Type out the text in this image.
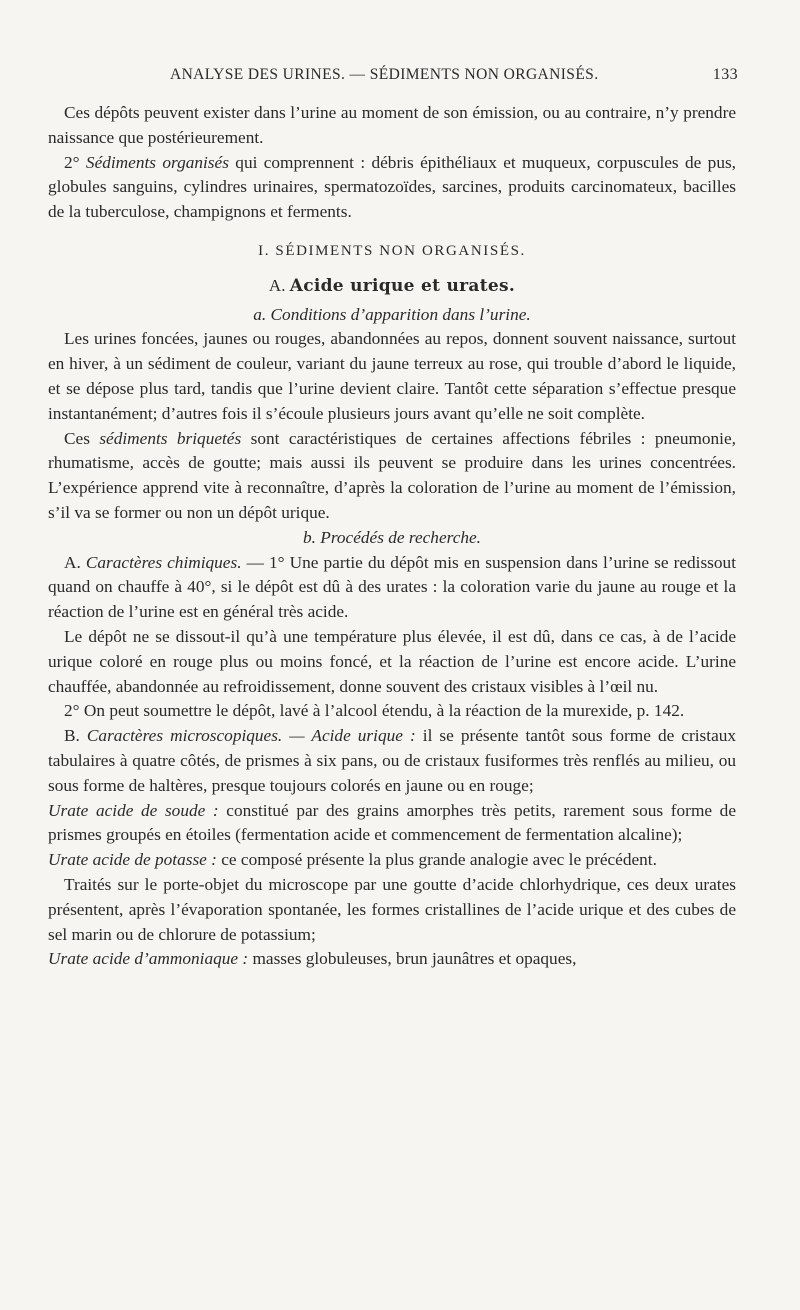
ANALYSE DES URINES. — SÉDIMENTS NON ORGANISÉS.	133

Ces dépôts peuvent exister dans l’urine au moment de son émission, ou au contraire, n’y prendre naissance que postérieurement.

2° Sédiments organisés qui comprennent : débris épithéliaux et muqueux, corpuscules de pus, globules sanguins, cylindres urinaires, spermatozoïdes, sarcines, produits carcinomateux, bacilles de la tuberculose, champignons et ferments.

I. SÉDIMENTS NON ORGANISÉS.

A. Acide urique et urates.

a. Conditions d’apparition dans l’urine.

Les urines foncées, jaunes ou rouges, abandonnées au repos, donnent souvent naissance, surtout en hiver, à un sédiment de couleur, variant du jaune terreux au rose, qui trouble d’abord le liquide, et se dépose plus tard, tandis que l’urine devient claire. Tantôt cette séparation s’effectue presque instantanément; d’autres fois il s’écoule plusieurs jours avant qu’elle ne soit complète.

Ces sédiments briquetés sont caractéristiques de certaines affections fébriles : pneumonie, rhumatisme, accès de goutte; mais aussi ils peuvent se produire dans les urines concentrées. L’expérience apprend vite à reconnaître, d’après la coloration de l’urine au moment de l’émission, s’il va se former ou non un dépôt urique.

b. Procédés de recherche.

A. Caractères chimiques. — 1° Une partie du dépôt mis en suspension dans l’urine se redissout quand on chauffe à 40°, si le dépôt est dû à des urates : la coloration varie du jaune au rouge et la réaction de l’urine est en général très acide.

Le dépôt ne se dissout-il qu’à une température plus élevée, il est dû, dans ce cas, à de l’acide urique coloré en rouge plus ou moins foncé, et la réaction de l’urine est encore acide. L’urine chauffée, abandonnée au refroidissement, donne souvent des cristaux visibles à l’œil nu.

2° On peut soumettre le dépôt, lavé à l’alcool étendu, à la réaction de la murexide, p. 142.

B. Caractères microscopiques. — Acide urique : il se présente tantôt sous forme de cristaux tabulaires à quatre côtés, de prismes à six pans, ou de cristaux fusiformes très renflés au milieu, ou sous forme de haltères, presque toujours colorés en jaune ou en rouge;

Urate acide de soude : constitué par des grains amorphes très petits, rarement sous forme de prismes groupés en étoiles (fermentation acide et commencement de fermentation alcaline);

Urate acide de potasse : ce composé présente la plus grande analogie avec le précédent.

Traités sur le porte-objet du microscope par une goutte d’acide chlorhydrique, ces deux urates présentent, après l’évaporation spontanée, les formes cristallines de l’acide urique et des cubes de sel marin ou de chlorure de potassium;

Urate acide d’ammoniaque : masses globuleuses, brun jaunâtres et opaques,
